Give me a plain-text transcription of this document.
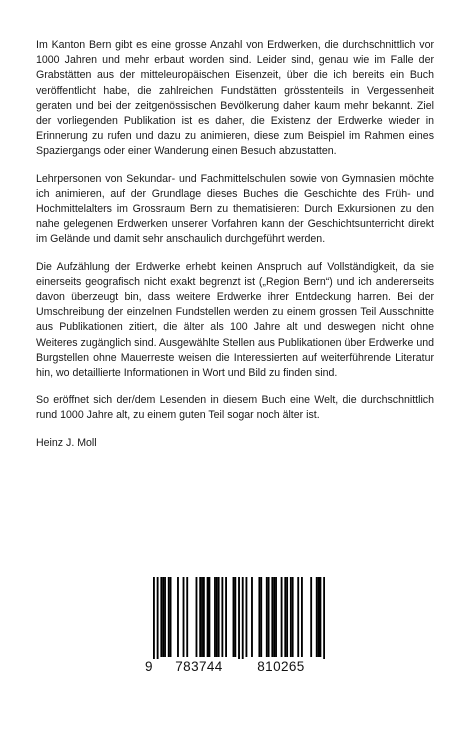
Im Kanton Bern gibt es eine grosse Anzahl von Erdwerken, die durchschnittlich vor 1000 Jahren und mehr erbaut worden sind. Leider sind, genau wie im Falle der Grabstätten aus der mitteleuropäischen Eisenzeit, über die ich bereits ein Buch veröffentlicht habe, die zahlreichen Fundstätten grösstenteils in Vergessenheit geraten und bei der zeitgenössischen Bevölkerung daher kaum mehr bekannt. Ziel der vorliegenden Publikation ist es daher, die Existenz der Erdwerke wieder in Erinnerung zu rufen und dazu zu animieren, diese zum Beispiel im Rahmen eines Spaziergangs oder einer Wanderung einen Besuch abzustatten.

Lehrpersonen von Sekundar- und Fachmittelschulen sowie von Gymnasien möchte ich animieren, auf der Grundlage dieses Buches die Geschichte des Früh- und Hochmittelalters im Grossraum Bern zu thematisieren: Durch Exkursionen zu den nahe gelegenen Erdwerken unserer Vorfahren kann der Geschichtsunterricht direkt im Gelände und damit sehr anschaulich durchgeführt werden.

Die Aufzählung der Erdwerke erhebt keinen Anspruch auf Vollständigkeit, da sie einerseits geografisch nicht exakt begrenzt ist („Region Bern“) und ich andererseits davon überzeugt bin, dass weitere Erdwerke ihrer Entdeckung harren. Bei der Umschreibung der einzelnen Fundstellen werden zu einem grossen Teil Ausschnitte aus Publikationen zitiert, die älter als 100 Jahre alt und deswegen nicht ohne Weiteres zugänglich sind. Ausgewählte Stellen aus Publikationen über Erdwerke und Burgstellen ohne Mauerreste weisen die Interessierten auf weiterführende Literatur hin, wo detaillierte Informationen in Wort und Bild zu finden sind.

So eröffnet sich der/dem Lesenden in diesem Buch eine Welt, die durchschnittlich rund 1000 Jahre alt, zu einem guten Teil sogar noch älter ist.

Heinz J. Moll

9	783744	810265
